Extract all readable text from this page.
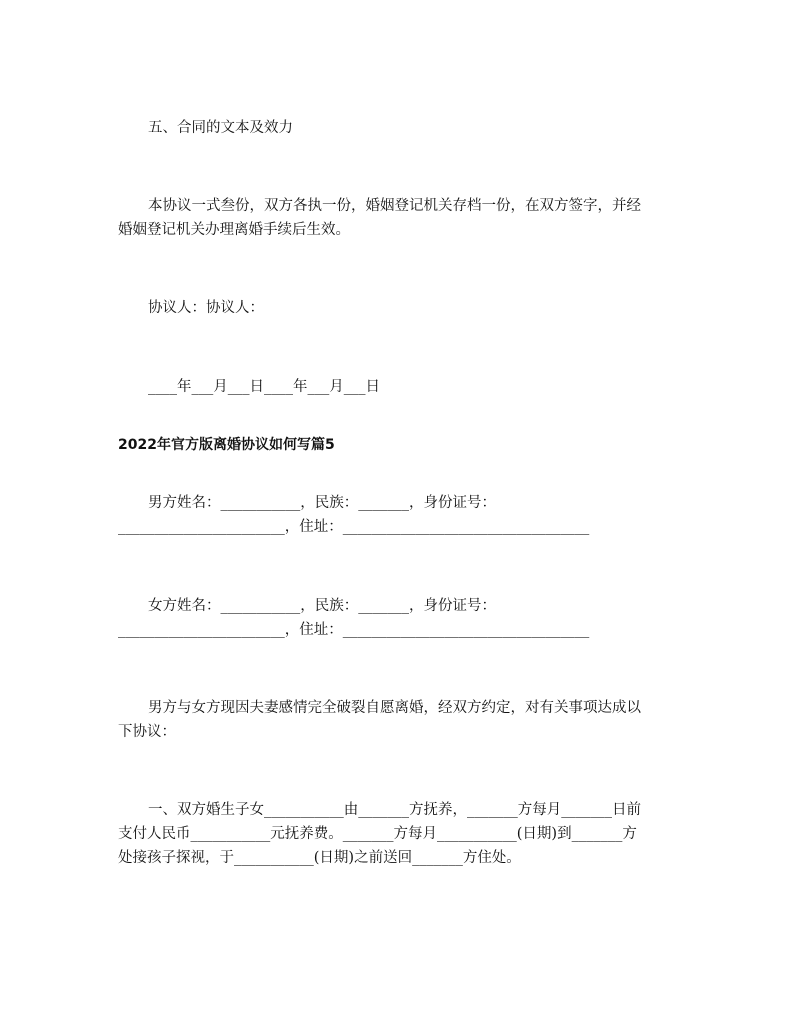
五、合同的文本及效力
本协议一式叁份，双方各执一份，婚姻登记机关存档一份，在双方签字，并经
婚姻登记机关办理离婚手续后生效。
协议人：协议人：
____年___月___日____年___月___日
2022年官方版离婚协议如何写篇5
男方姓名：___________，民族：_______，身份证号：
_______________________，住址：__________________________________
女方姓名：___________，民族：_______，身份证号：
_______________________，住址：__________________________________
男方与女方现因夫妻感情完全破裂自愿离婚，经双方约定，对有关事项达成以
下协议：
一、双方婚生子女___________由_______方抚养，_______方每月_______日前
支付人民币___________元抚养费。_______方每月___________(日期)到_______方
处接孩子探视，于___________(日期)之前送回_______方住处。
